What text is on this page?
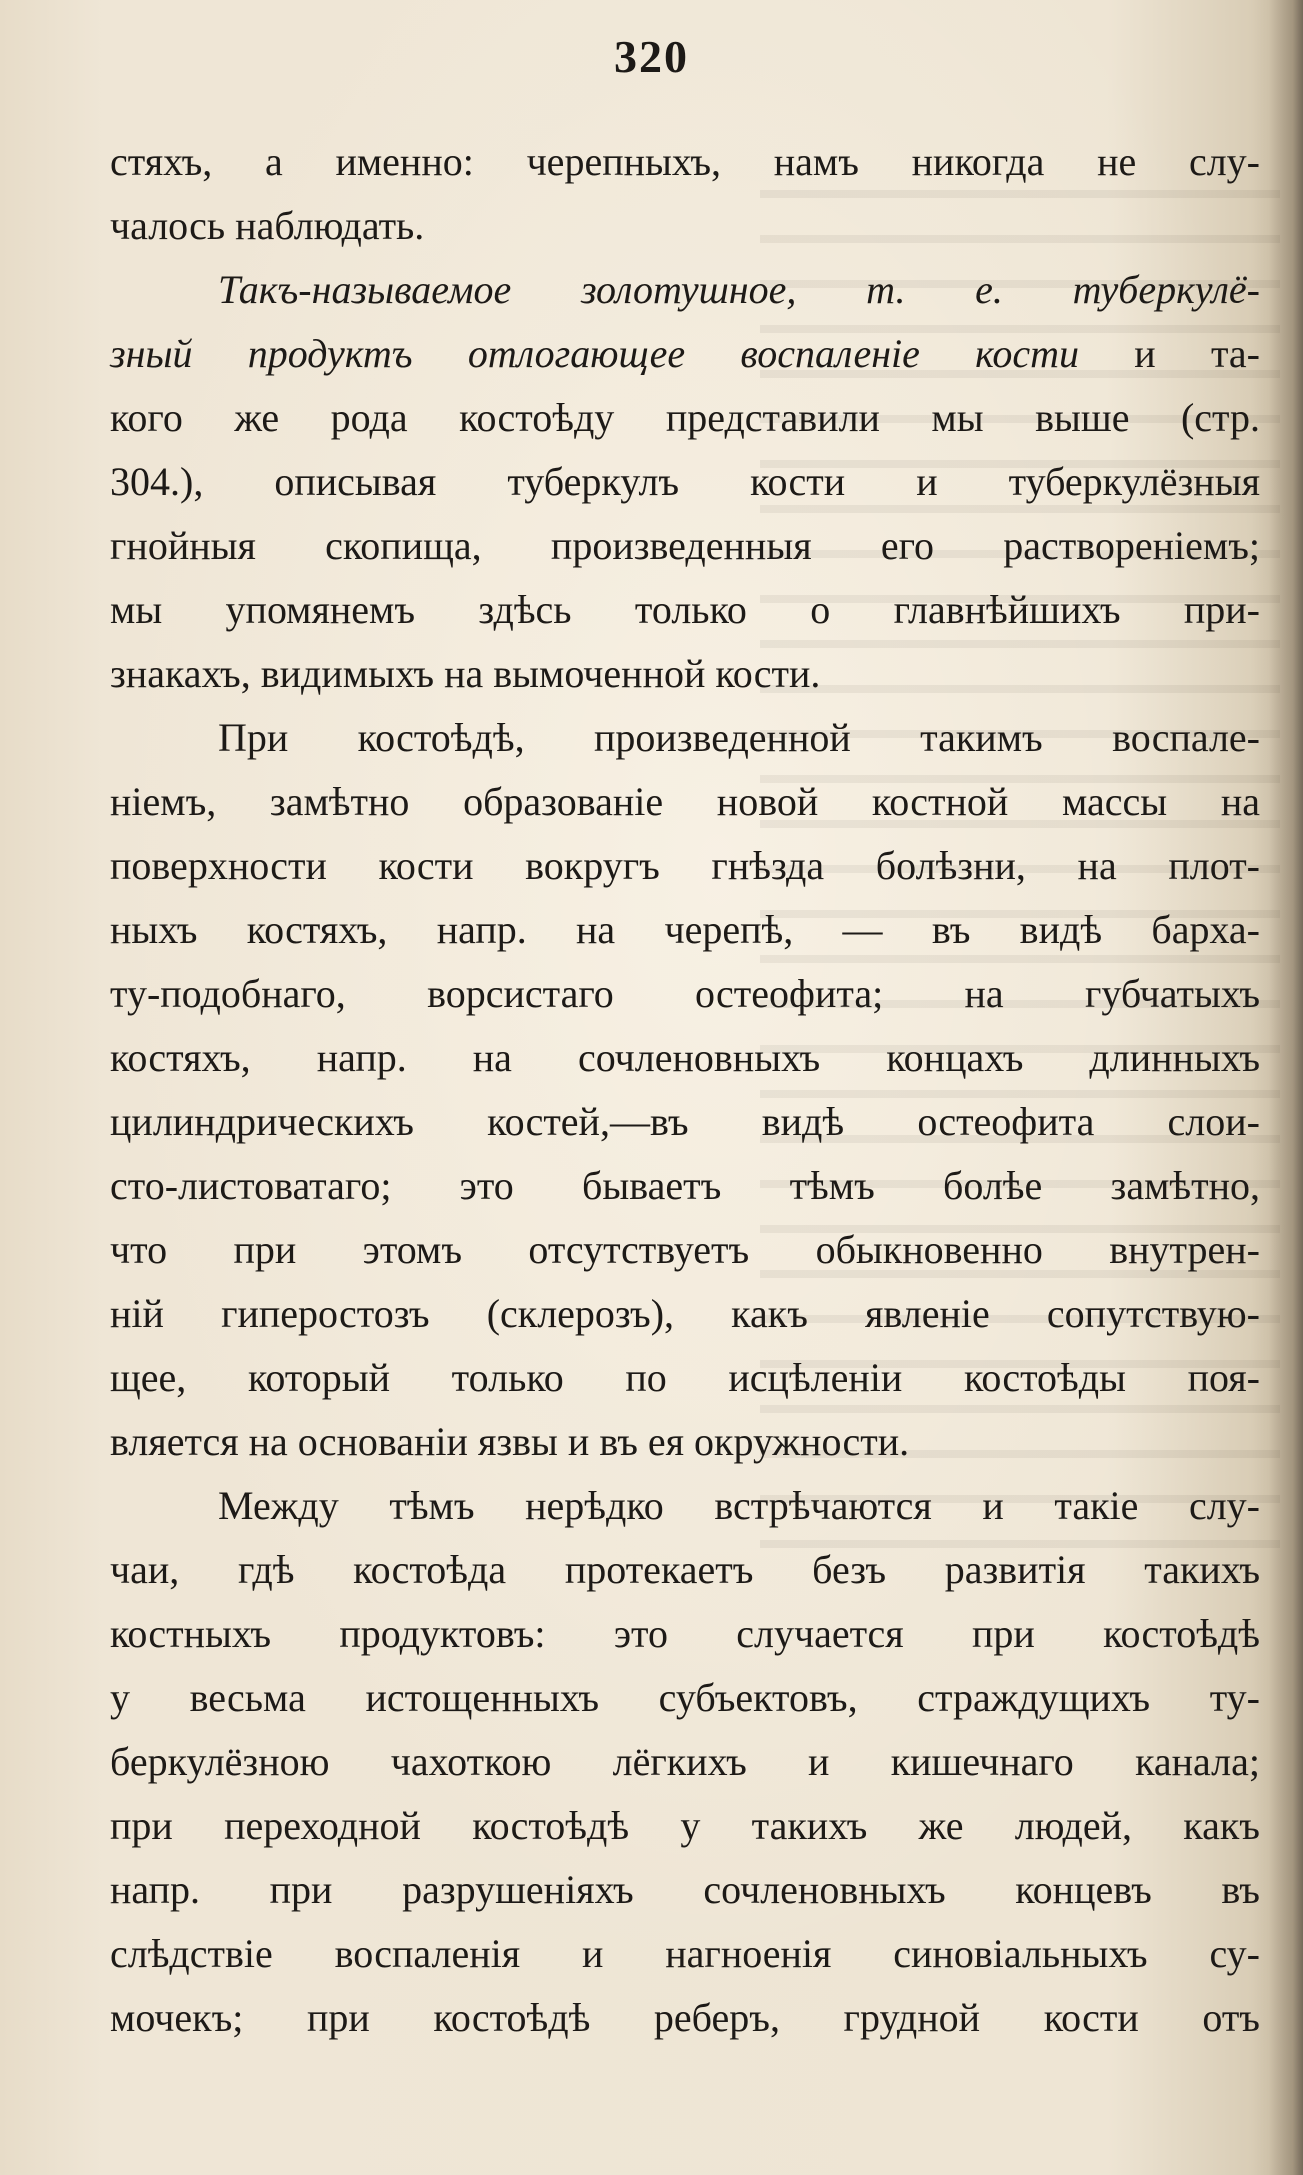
320
стяхъ, а именно: черепныхъ, намъ никогда не слу-
чалось наблюдать.
Такъ-называемое золотушное, т. е. туберкулё-
зный продуктъ отлогающее воспаленіе кости и та-
кого же рода костоѣду представили мы выше (стр.
304.), описывая туберкулъ кости и туберкулёзныя
гнойныя скопища, произведенныя его раствореніемъ;
мы упомянемъ здѣсь только о главнѣйшихъ при-
знакахъ, видимыхъ на вымоченной кости.
При костоѣдѣ, произведенной такимъ воспале-
ніемъ, замѣтно образованіе новой костной массы на
поверхности кости вокругъ гнѣзда болѣзни, на плот-
ныхъ костяхъ, напр. на черепѣ, — въ видѣ барха-
ту-подобнаго, ворсистаго остеофита; на губчатыхъ
костяхъ, напр. на сочленовныхъ концахъ длинныхъ
цилиндрическихъ костей,—въ видѣ остеофита слои-
сто-листоватаго; это бываетъ тѣмъ болѣе замѣтно,
что при этомъ отсутствуетъ обыкновенно внутрен-
ній гиперостозъ (склерозъ), какъ явленіе сопутствую-
щее, который только по исцѣленіи костоѣды поя-
вляется на основаніи язвы и въ ея окружности.
Между тѣмъ нерѣдко встрѣчаются и такіе слу-
чаи, гдѣ костоѣда протекаетъ безъ развитія такихъ
костныхъ продуктовъ: это случается при костоѣдѣ
у весьма истощенныхъ субъектовъ, страждущихъ ту-
беркулёзною чахоткою лёгкихъ и кишечнаго канала;
при переходной костоѣдѣ у такихъ же людей, какъ
напр. при разрушеніяхъ сочленовныхъ концевъ въ
слѣдствіе воспаленія и нагноенія синовіальныхъ су-
мочекъ; при костоѣдѣ реберъ, грудной кости отъ
